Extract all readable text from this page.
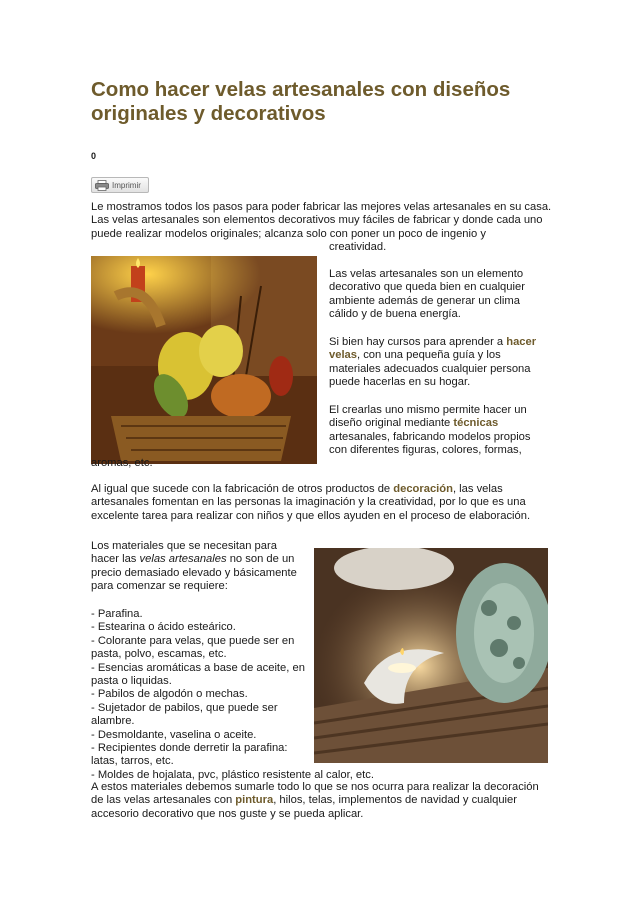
Como hacer velas artesanales con diseños originales y decorativos
0
Imprimir

Le mostramos todos los pasos para poder fabricar las mejores velas artesanales en su casa. Las velas artesanales son elementos decorativos muy fáciles de fabricar y donde cada uno puede realizar modelos originales; alcanza solo con poner un poco de ingenio y

creatividad.

Las velas artesanales son un elemento decorativo que queda bien en cualquier ambiente además de generar un clima cálido y de buena energía.

Si bien hay cursos para aprender a hacer velas, con una pequeña guía y los materiales adecuados cualquier persona puede hacerlas en su hogar.

El crearlas uno mismo permite hacer un diseño original mediante técnicas artesanales, fabricando modelos propios con diferentes figuras, colores, formas,

aromas, etc.

Al igual que sucede con la fabricación de otros productos de decoración, las velas artesanales fomentan en las personas la imaginación y la creatividad, por lo que es una excelente tarea para realizar con niños y que ellos ayuden en el proceso de elaboración.

Los materiales que se necesitan para hacer las velas artesanales no son de un precio demasiado elevado y básicamente para comenzar se requiere:

- Parafina.
- Estearina o ácido esteárico.
- Colorante para velas, que puede ser en pasta, polvo, escamas, etc.
- Esencias aromáticas a base de aceite, en pasta o liquidas.
- Pabilos de algodón o mechas.
- Sujetador de pabilos, que puede ser alambre.
- Desmoldante, vaselina o aceite.
- Recipientes donde derretir la parafina: latas, tarros, etc.
- Moldes de hojalata, pvc, plástico resistente al calor, etc.

A estos materiales debemos sumarle todo lo que se nos ocurra para realizar la decoración de las velas artesanales con pintura, hilos, telas, implementos de navidad y cualquier accesorio decorativo que nos guste y se pueda aplicar.
